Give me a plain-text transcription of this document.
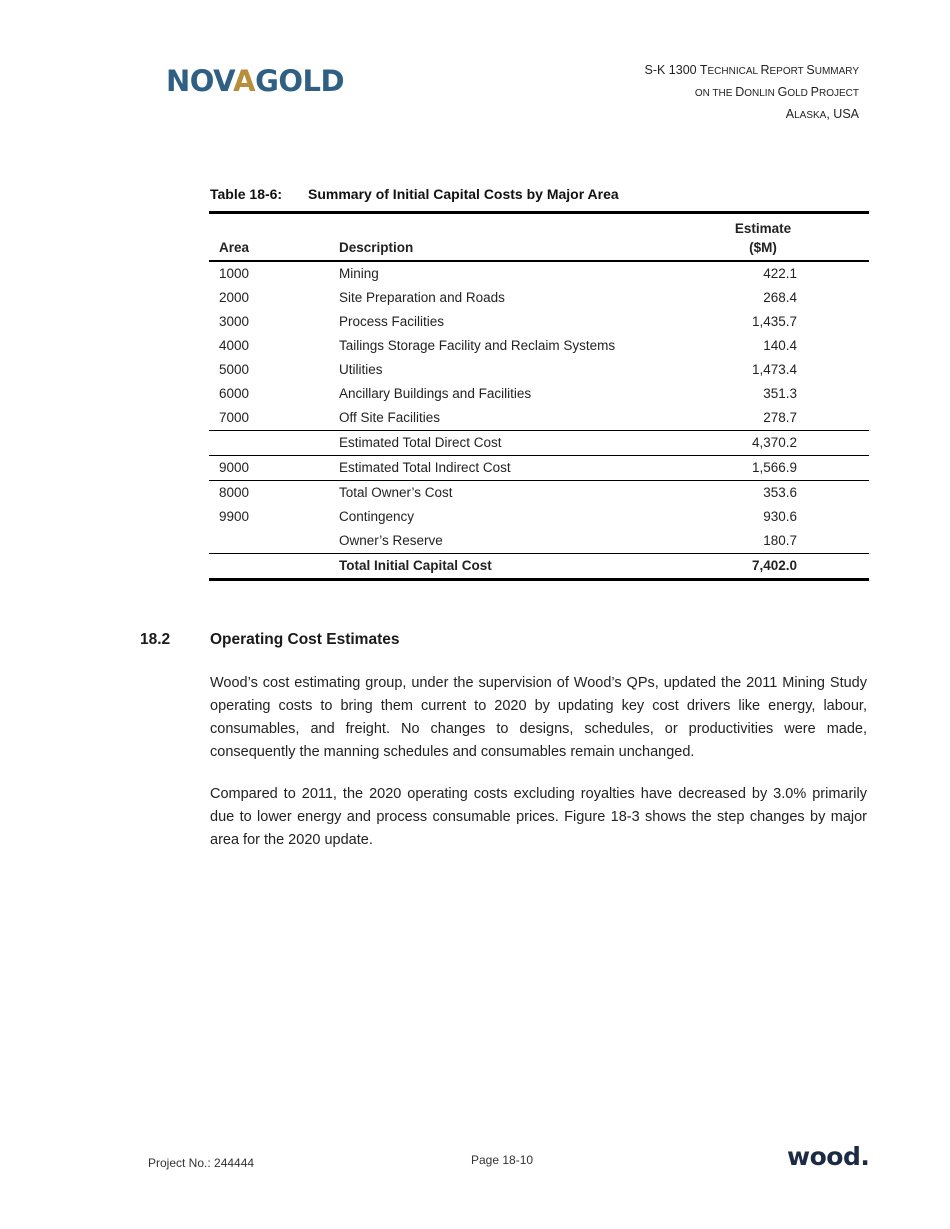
NOVAGOLD	S-K 1300 TECHNICAL REPORT SUMMARY
ON THE DONLIN GOLD PROJECT
ALASKA, USA
Table 18-6: Summary of Initial Capital Costs by Major Area
Area	Description	Estimate
($M)
1000	Mining	422.1
2000	Site Preparation and Roads	268.4
3000	Process Facilities	1,435.7
4000	Tailings Storage Facility and Reclaim Systems	140.4
5000	Utilities	1,473.4
6000	Ancillary Buildings and Facilities	351.3
7000	Off Site Facilities	278.7
	Estimated Total Direct Cost	4,370.2
9000	Estimated Total Indirect Cost	1,566.9
8000	Total Owner’s Cost	353.6
9900	Contingency	930.6
	Owner’s Reserve	180.7
	Total Initial Capital Cost	7,402.0
18.2	Operating Cost Estimates

Wood’s cost estimating group, under the supervision of Wood’s QPs, updated the 2011 Mining Study operating costs to bring them current to 2020 by updating key cost drivers like energy, labour, consumables, and freight. No changes to designs, schedules, or productivities were made, consequently the manning schedules and consumables remain unchanged.

Compared to 2011, the 2020 operating costs excluding royalties have decreased by 3.0% primarily due to lower energy and process consumable prices. Figure 18-3 shows the step changes by major area for the 2020 update.

Project No.: 244444	Page 18-10	wood.
